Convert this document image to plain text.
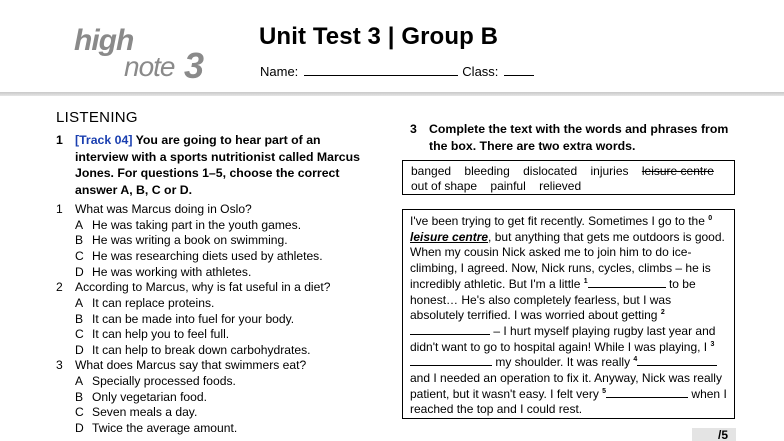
high
note 3
Unit Test 3 | Group B
Name:	Class:
LISTENING
1 [Track 04] You are going to hear part of an interview with a sports nutritionist called Marcus Jones. For questions 1–5, choose the correct answer A, B, C or D.
1 What was Marcus doing in Oslo?
A He was taking part in the youth games.
B He was writing a book on swimming.
C He was researching diets used by athletes.
D He was working with athletes.
2 According to Marcus, why is fat useful in a diet?
A It can replace proteins.
B It can be made into fuel for your body.
C It can help you to feel full.
D It can help to break down carbohydrates.
3 What does Marcus say that swimmers eat?
A Specially processed foods.
B Only vegetarian food.
C Seven meals a day.
D Twice the average amount.
3 Complete the text with the words and phrases from the box. There are two extra words.
banged bleeding dislocated injuries leisure centre
out of shape painful relieved
I've been trying to get fit recently. Sometimes I go to the $^0$ leisure centre, but anything that gets me outdoors is good. When my cousin Nick asked me to join him to do ice-climbing, I agreed. Now, Nick runs, cycles, climbs – he is incredibly athletic. But I'm a little $^1$	to be honest… He's also completely fearless, but I was absolutely terrified. I was worried about getting $^2$ – I hurt myself playing rugby last year and didn't want to go to hospital again! While I was playing, I $^3$ my shoulder. It was really $^4$ and I needed an operation to fix it. Anyway, Nick was really patient, but it wasn't easy. I felt very $^5$	when I reached the top and I could rest.
/5
